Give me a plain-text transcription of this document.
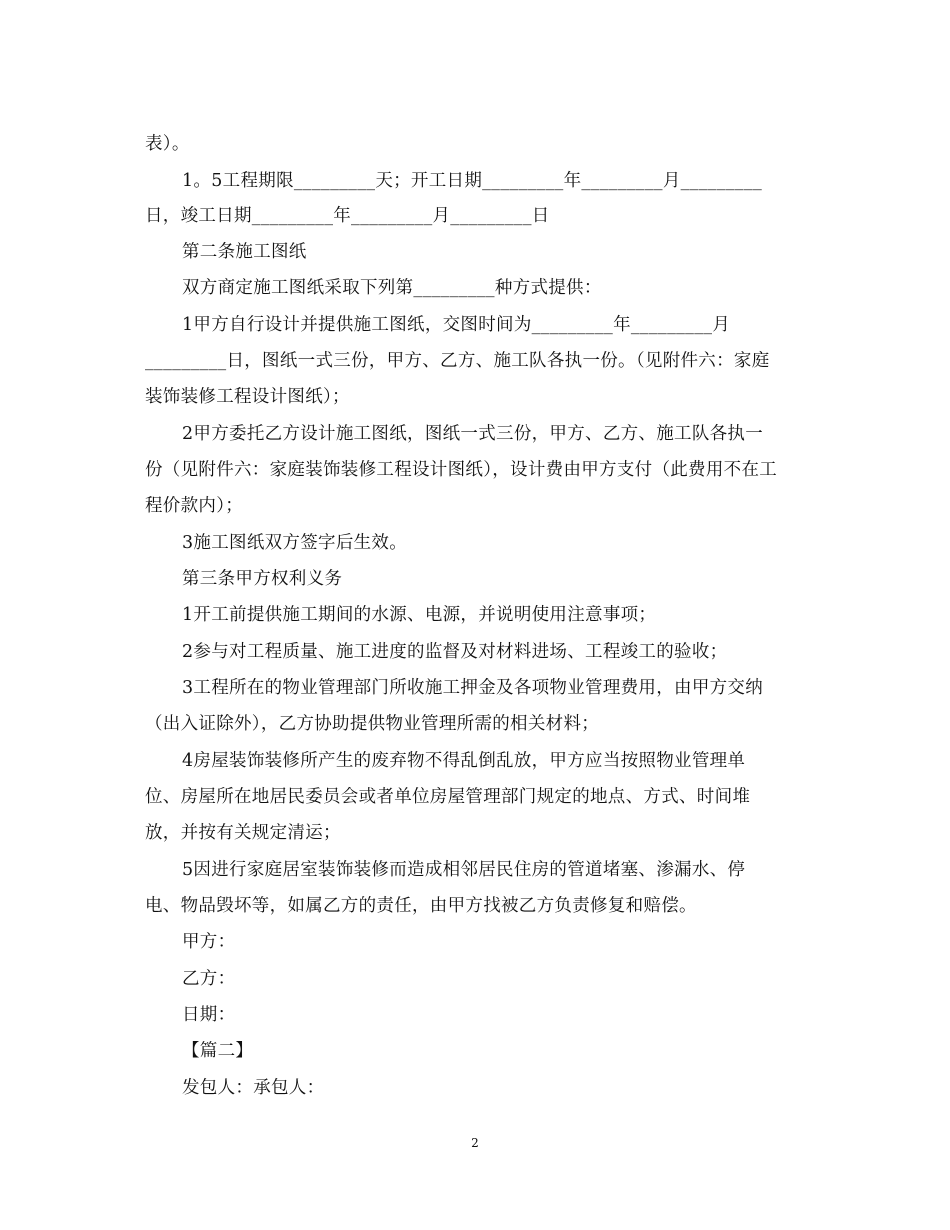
表）。
1。5工程期限_________天；开工日期_________年_________月_________
日，竣工日期_________年_________月_________日
第二条施工图纸
双方商定施工图纸采取下列第_________种方式提供：
1甲方自行设计并提供施工图纸，交图时间为_________年_________月
_________日，图纸一式三份，甲方、乙方、施工队各执一份。（见附件六：家庭
装饰装修工程设计图纸）；
2甲方委托乙方设计施工图纸，图纸一式三份，甲方、乙方、施工队各执一
份（见附件六：家庭装饰装修工程设计图纸），设计费由甲方支付（此费用不在工
程价款内）；
3施工图纸双方签字后生效。
第三条甲方权利义务
1开工前提供施工期间的水源、电源，并说明使用注意事项；
2参与对工程质量、施工进度的监督及对材料进场、工程竣工的验收；
3工程所在的物业管理部门所收施工押金及各项物业管理费用，由甲方交纳
（出入证除外），乙方协助提供物业管理所需的相关材料；
4房屋装饰装修所产生的废弃物不得乱倒乱放，甲方应当按照物业管理单
位、房屋所在地居民委员会或者单位房屋管理部门规定的地点、方式、时间堆
放，并按有关规定清运；
5因进行家庭居室装饰装修而造成相邻居民住房的管道堵塞、渗漏水、停
电、物品毁坏等，如属乙方的责任，由甲方找被乙方负责修复和赔偿。
甲方：
乙方：
日期：
【篇二】
发包人：承包人：
2
